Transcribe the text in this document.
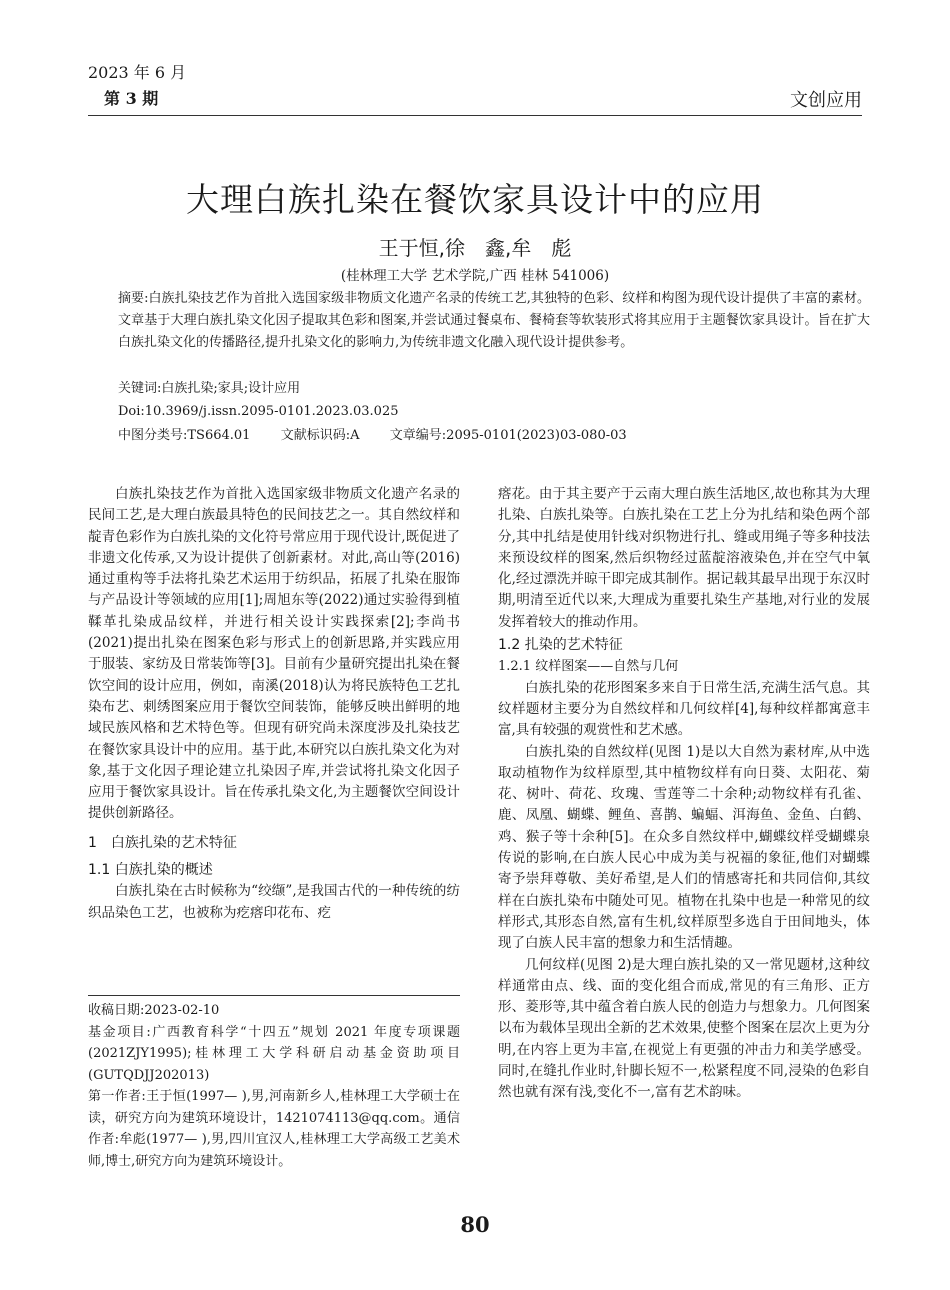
2023 年 6 月
第 3 期	文创应用
大理白族扎染在餐饮家具设计中的应用
王于恒,徐　鑫,牟　彪
(桂林理工大学 艺术学院,广西 桂林 541006)

摘要:白族扎染技艺作为首批入选国家级非物质文化遗产名录的传统工艺,其独特的色彩、纹样和构图为现代设计提供了丰富的素材。文章基于大理白族扎染文化因子提取其色彩和图案,并尝试通过餐桌布、餐椅套等软装形式将其应用于主题餐饮家具设计。旨在扩大白族扎染文化的传播路径,提升扎染文化的影响力,为传统非遗文化融入现代设计提供参考。

关键词:白族扎染;家具;设计应用
Doi:10.3969/j.issn.2095-0101.2023.03.025
中图分类号:TS664.01 文献标识码:A 文章编号:2095-0101(2023)03-080-03

白族扎染技艺作为首批入选国家级非物质文化遗产名录的民间工艺,是大理白族最具特色的民间技艺之一。其自然纹样和靛青色彩作为白族扎染的文化符号常应用于现代设计,既促进了非遗文化传承,又为设计提供了创新素材。对此,高山等(2016)通过重构等手法将扎染艺术运用于纺织品，拓展了扎染在服饰与产品设计等领域的应用[1];周旭东等(2022)通过实验得到植鞣革扎染成品纹样，并进行相关设计实践探索[2];李尚书(2021)提出扎染在图案色彩与形式上的创新思路,并实践应用于服装、家纺及日常装饰等[3]。目前有少量研究提出扎染在餐饮空间的设计应用，例如，南溪(2018)认为将民族特色工艺扎染布艺、刺绣图案应用于餐饮空间装饰，能够反映出鲜明的地域民族风格和艺术特色等。但现有研究尚未深度涉及扎染技艺在餐饮家具设计中的应用。基于此,本研究以白族扎染文化为对象,基于文化因子理论建立扎染因子库,并尝试将扎染文化因子应用于餐饮家具设计。旨在传承扎染文化,为主题餐饮空间设计提供创新路径。

1　白族扎染的艺术特征

1.1 白族扎染的概述

白族扎染在古时候称为“绞缬”,是我国古代的一种传统的纺织品染色工艺，也被称为疙瘩印花布、疙

收稿日期:2023-02-10

基金项目:广西教育科学“十四五”规划 2021 年度专项课题(2021ZJY1995);桂林理工大学科研启动基金资助项目(GUTQDJJ202013)

第一作者:王于恒(1997— ),男,河南新乡人,桂林理工大学硕士在读，研究方向为建筑环境设计，1421074113@qq.com。通信作者:牟彪(1977— ),男,四川宜汉人,桂林理工大学高级工艺美术师,博士,研究方向为建筑环境设计。

瘩花。由于其主要产于云南大理白族生活地区,故也称其为大理扎染、白族扎染等。白族扎染在工艺上分为扎结和染色两个部分,其中扎结是使用针线对织物进行扎、缝或用绳子等多种技法来预设纹样的图案,然后织物经过蓝靛溶液染色,并在空气中氧化,经过漂洗并晾干即完成其制作。据记载其最早出现于东汉时期,明清至近代以来,大理成为重要扎染生产基地,对行业的发展发挥着较大的推动作用。

1.2 扎染的艺术特征

1.2.1 纹样图案——自然与几何

白族扎染的花形图案多来自于日常生活,充满生活气息。其纹样题材主要分为自然纹样和几何纹样[4],每种纹样都寓意丰富,具有较强的观赏性和艺术感。

白族扎染的自然纹样(见图 1)是以大自然为素材库,从中选取动植物作为纹样原型,其中植物纹样有向日葵、太阳花、菊花、树叶、荷花、玫瑰、雪莲等二十余种;动物纹样有孔雀、鹿、凤凰、蝴蝶、鲤鱼、喜鹊、蝙蝠、洱海鱼、金鱼、白鹤、鸡、猴子等十余种[5]。在众多自然纹样中,蝴蝶纹样受蝴蝶泉传说的影响,在白族人民心中成为美与祝福的象征,他们对蝴蝶寄予崇拜尊敬、美好希望,是人们的情感寄托和共同信仰,其纹样在白族扎染布中随处可见。植物在扎染中也是一种常见的纹样形式,其形态自然,富有生机,纹样原型多选自于田间地头，体现了白族人民丰富的想象力和生活情趣。

几何纹样(见图 2)是大理白族扎染的又一常见题材,这种纹样通常由点、线、面的变化组合而成,常见的有三角形、正方形、菱形等,其中蕴含着白族人民的创造力与想象力。几何图案以布为载体呈现出全新的艺术效果,使整个图案在层次上更为分明,在内容上更为丰富,在视觉上有更强的冲击力和美学感受。同时,在缝扎作业时,针脚长短不一,松紧程度不同,浸染的色彩自然也就有深有浅,变化不一,富有艺术韵味。

80
